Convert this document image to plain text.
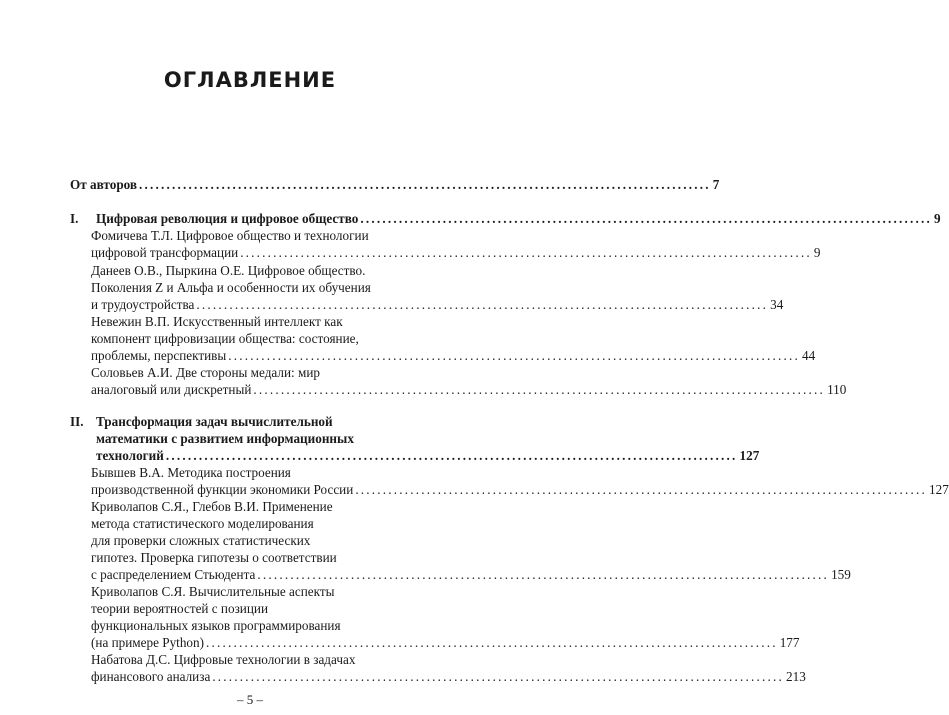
ОГЛАВЛЕНИЕ
От авторов ........................................................................................................ 7
I. Цифровая революция и цифровое общество ........................................................................................................ 9
Фомичева Т.Л. Цифровое общество и технологии
цифровой трансформации ........................................................................................................ 9
Данеев О.В., Пыркина О.Е. Цифровое общество.
Поколения Z и Альфа и особенности их обучения
и трудоустройства ........................................................................................................ 34
Невежин В.П. Искусственный интеллект как
компонент цифровизации общества: состояние,
проблемы, перспективы ........................................................................................................ 44
Соловьев А.И. Две стороны медали: мир
аналоговый или дискретный ........................................................................................................ 110
II. Трансформация задач вычислительной
математики с развитием информационных
технологий ........................................................................................................ 127
Бывшев В.А. Методика построения
производственной функции экономики России ........................................................................................................ 127
Криволапов С.Я., Глебов В.И. Применение
метода статистического моделирования
для проверки сложных статистических
гипотез. Проверка гипотезы о соответствии
с распределением Стьюдента ........................................................................................................ 159
Криволапов С.Я. Вычислительные аспекты
теории вероятностей с позиции
функциональных языков программирования
(на примере Python) ........................................................................................................ 177
Набатова Д.С. Цифровые технологии в задачах
финансового анализа ........................................................................................................ 213
– 5 –
